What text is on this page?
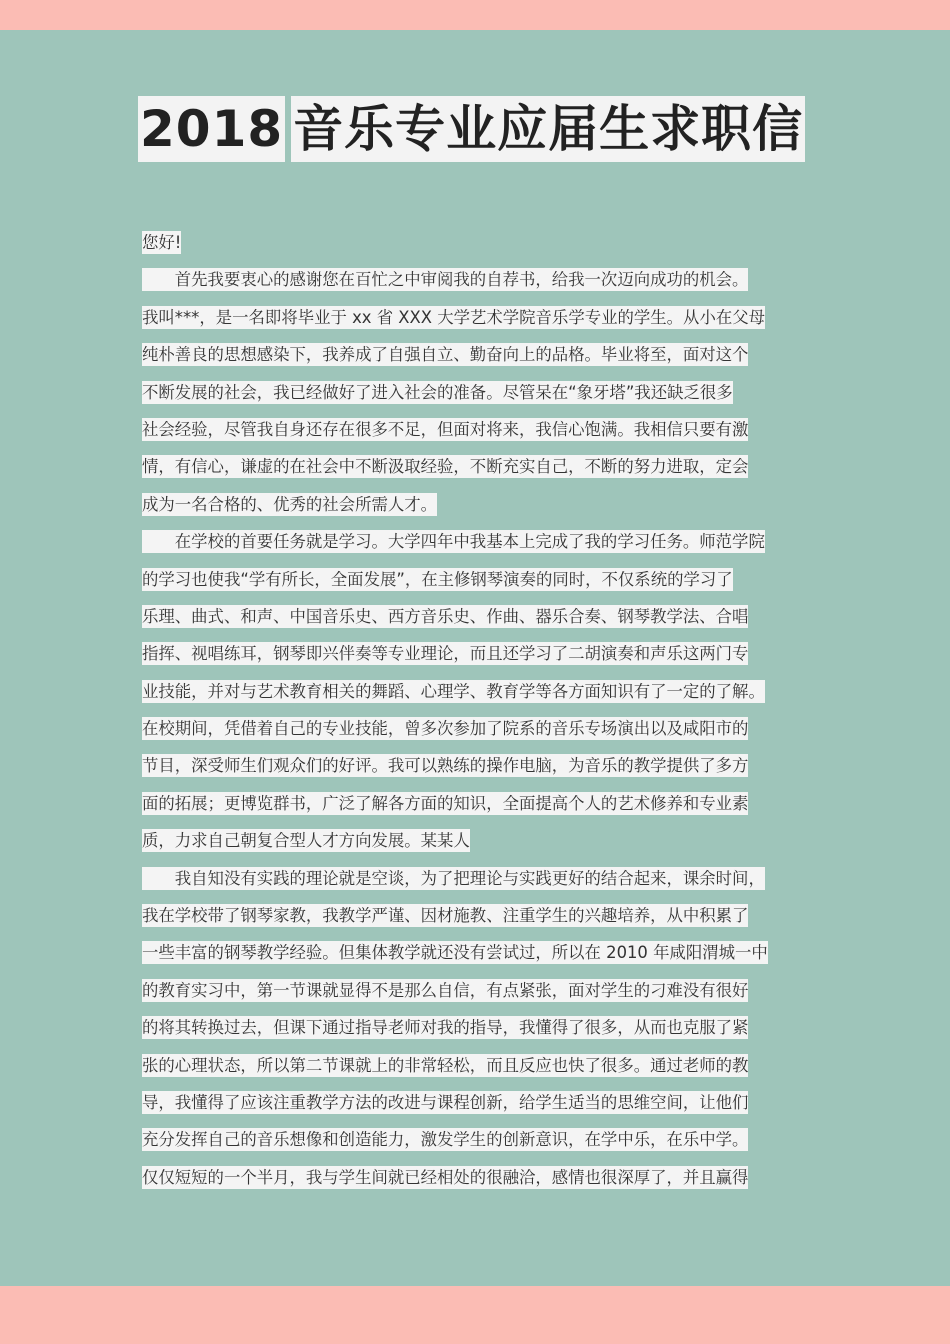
2018 音乐专业应届生求职信
您好!
　　首先我要衷心的感谢您在百忙之中审阅我的自荐书，给我一次迈向成功的机会。
我叫***，是一名即将毕业于 xx 省 XXX 大学艺术学院音乐学专业的学生。从小在父母
纯朴善良的思想感染下，我养成了自强自立、勤奋向上的品格。毕业将至，面对这个
不断发展的社会，我已经做好了进入社会的准备。尽管呆在“象牙塔”我还缺乏很多
社会经验，尽管我自身还存在很多不足，但面对将来，我信心饱满。我相信只要有激
情，有信心，谦虚的在社会中不断汲取经验，不断充实自己，不断的努力进取，定会
成为一名合格的、优秀的社会所需人才。
　　在学校的首要任务就是学习。大学四年中我基本上完成了我的学习任务。师范学院
的学习也使我“学有所长，全面发展”，在主修钢琴演奏的同时，不仅系统的学习了
乐理、曲式、和声、中国音乐史、西方音乐史、作曲、器乐合奏、钢琴教学法、合唱
指挥、视唱练耳，钢琴即兴伴奏等专业理论，而且还学习了二胡演奏和声乐这两门专
业技能，并对与艺术教育相关的舞蹈、心理学、教育学等各方面知识有了一定的了解。
在校期间，凭借着自己的专业技能，曾多次参加了院系的音乐专场演出以及咸阳市的
节目，深受师生们观众们的好评。我可以熟练的操作电脑，为音乐的教学提供了多方
面的拓展；更博览群书，广泛了解各方面的知识，全面提高个人的艺术修养和专业素
质，力求自己朝复合型人才方向发展。某某人
　　我自知没有实践的理论就是空谈，为了把理论与实践更好的结合起来，课余时间，
我在学校带了钢琴家教，我教学严谨、因材施教、注重学生的兴趣培养，从中积累了
一些丰富的钢琴教学经验。但集体教学就还没有尝试过，所以在 2010 年咸阳渭城一中
的教育实习中，第一节课就显得不是那么自信，有点紧张，面对学生的刁难没有很好
的将其转换过去，但课下通过指导老师对我的指导，我懂得了很多，从而也克服了紧
张的心理状态，所以第二节课就上的非常轻松，而且反应也快了很多。通过老师的教
导，我懂得了应该注重教学方法的改进与课程创新，给学生适当的思维空间，让他们
充分发挥自己的音乐想像和创造能力，激发学生的创新意识，在学中乐，在乐中学。
仅仅短短的一个半月，我与学生间就已经相处的很融洽，感情也很深厚了，并且赢得
